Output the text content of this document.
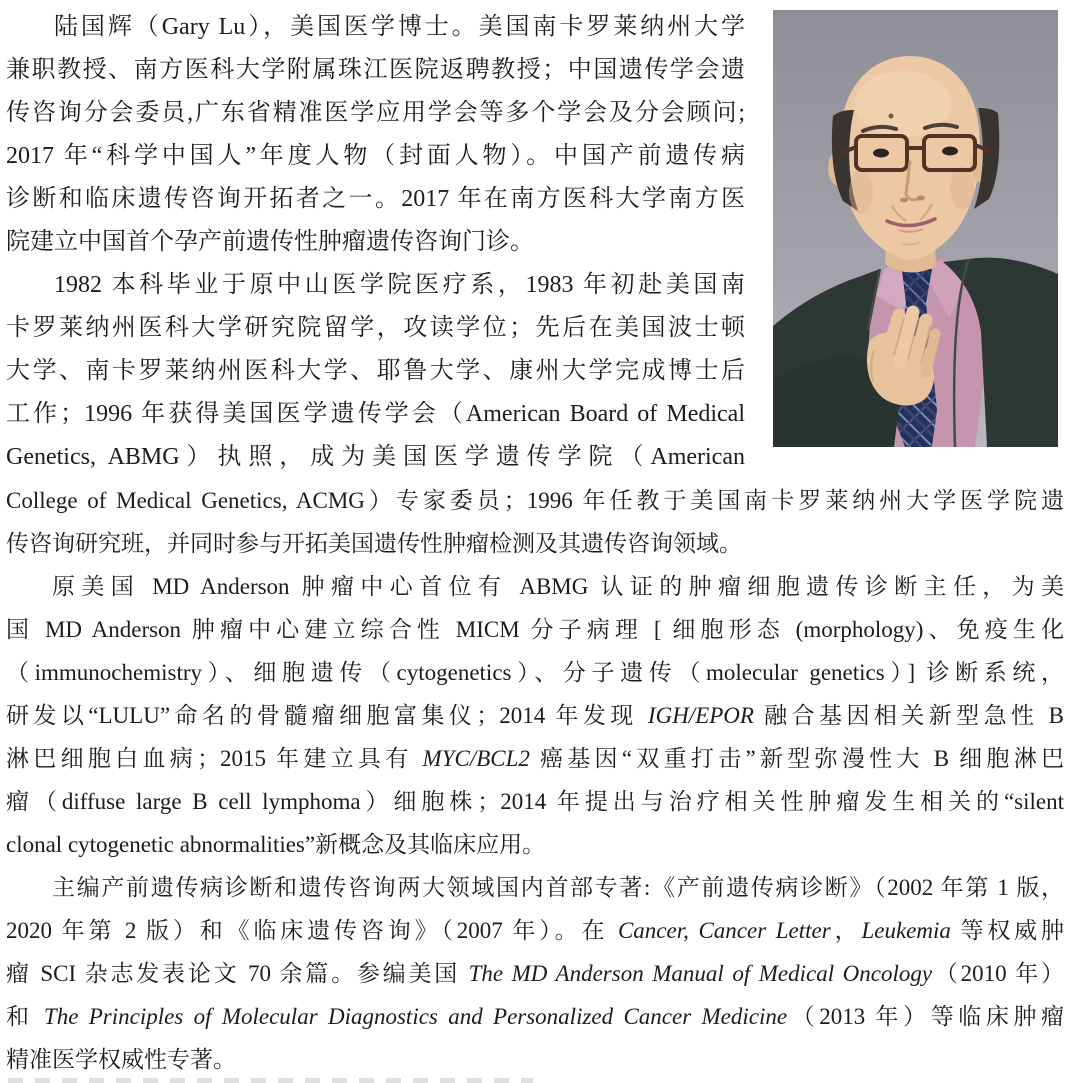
陆国辉（Gary Lu），美国医学博士。美国南卡罗莱纳州大学
兼职教授、南方医科大学附属珠江医院返聘教授；中国遗传学会遗
传咨询分会委员,广东省精准医学应用学会等多个学会及分会顾问;
2017 年“科学中国人”年度人物（封面人物）。中国产前遗传病
诊断和临床遗传咨询开拓者之一。2017 年在南方医科大学南方医
院建立中国首个孕产前遗传性肿瘤遗传咨询门诊。
1982 本科毕业于原中山医学院医疗系，1983 年初赴美国南
卡罗莱纳州医科大学研究院留学，攻读学位；先后在美国波士顿
大学、南卡罗莱纳州医科大学、耶鲁大学、康州大学完成博士后
工作；1996 年获得美国医学遗传学会（American Board of Medical
Genetics, ABMG）执照，成为美国医学遗传学院（American
College of Medical Genetics, ACMG）专家委员；1996 年任教于美国南卡罗莱纳州大学医学院遗
传咨询研究班，并同时参与开拓美国遗传性肿瘤检测及其遗传咨询领域。
原美国 MD Anderson 肿瘤中心首位有 ABMG 认证的肿瘤细胞遗传诊断主任，为美
国 MD Anderson 肿瘤中心建立综合性 MICM 分子病理 [ 细胞形态 (morphology)、免疫生化
（immunochemistry）、细胞遗传（cytogenetics）、分子遗传（molecular genetics）] 诊断系统，
研发以“LULU”命名的骨髓瘤细胞富集仪；2014 年发现 IGH/EPOR 融合基因相关新型急性 B
淋巴细胞白血病；2015 年建立具有 MYC/BCL2 癌基因“双重打击”新型弥漫性大 B 细胞淋巴
瘤（diffuse large B cell lymphoma）细胞株；2014 年提出与治疗相关性肿瘤发生相关的“silent
clonal cytogenetic abnormalities”新概念及其临床应用。
主编产前遗传病诊断和遗传咨询两大领域国内首部专著:《产前遗传病诊断》（2002 年第 1 版，
2020 年第 2 版）和《临床遗传咨询》（2007 年）。在 Cancer, Cancer Letter，Leukemia 等权威肿
瘤 SCI 杂志发表论文 70 余篇。参编美国 The MD Anderson Manual of Medical Oncology（2010 年）
和 The Principles of Molecular Diagnostics and Personalized Cancer Medicine（2013 年）等临床肿瘤
精准医学权威性专著。
